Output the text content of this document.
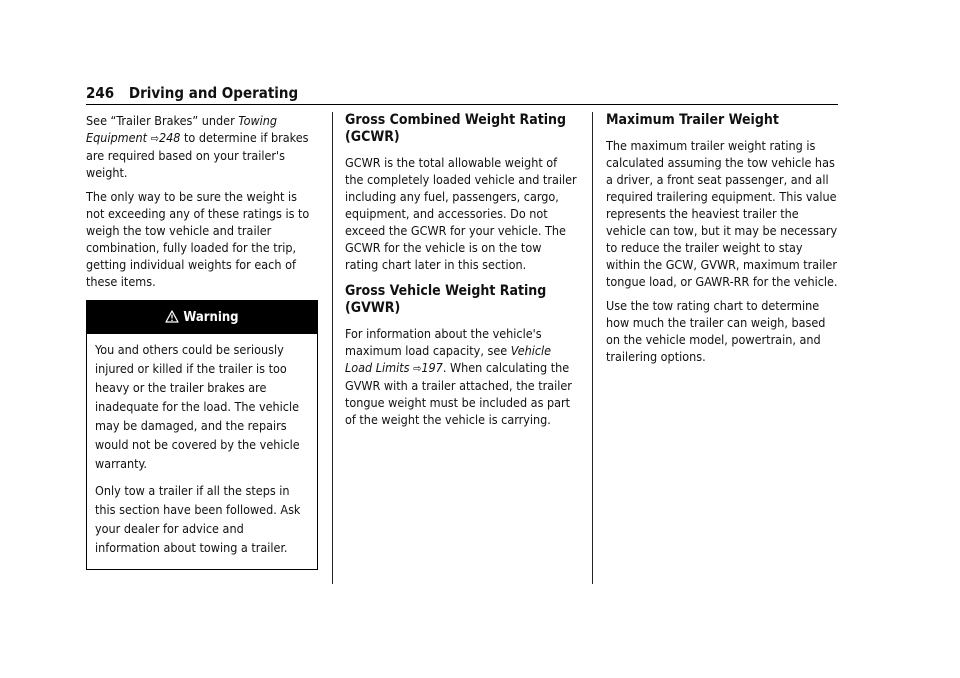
246 Driving and Operating

See “Trailer Brakes” under Towing Equipment ⇨248 to determine if brakes are required based on your trailer's weight.

The only way to be sure the weight is not exceeding any of these ratings is to weigh the tow vehicle and trailer combination, fully loaded for the trip, getting individual weights for each of these items.

Warning

You and others could be seriously injured or killed if the trailer is too heavy or the trailer brakes are inadequate for the load. The vehicle may be damaged, and the repairs would not be covered by the vehicle warranty.

Only tow a trailer if all the steps in this section have been followed. Ask your dealer for advice and information about towing a trailer.

Gross Combined Weight Rating (GCWR)

GCWR is the total allowable weight of the completely loaded vehicle and trailer including any fuel, passengers, cargo, equipment, and accessories. Do not exceed the GCWR for your vehicle. The GCWR for the vehicle is on the tow rating chart later in this section.

Gross Vehicle Weight Rating (GVWR)

For information about the vehicle's maximum load capacity, see Vehicle Load Limits ⇨197. When calculating the GVWR with a trailer attached, the trailer tongue weight must be included as part of the weight the vehicle is carrying.

Maximum Trailer Weight

The maximum trailer weight rating is calculated assuming the tow vehicle has a driver, a front seat passenger, and all required trailering equipment. This value represents the heaviest trailer the vehicle can tow, but it may be necessary to reduce the trailer weight to stay within the GCW, GVWR, maximum trailer tongue load, or GAWR-RR for the vehicle.

Use the tow rating chart to determine how much the trailer can weigh, based on the vehicle model, powertrain, and trailering options.
